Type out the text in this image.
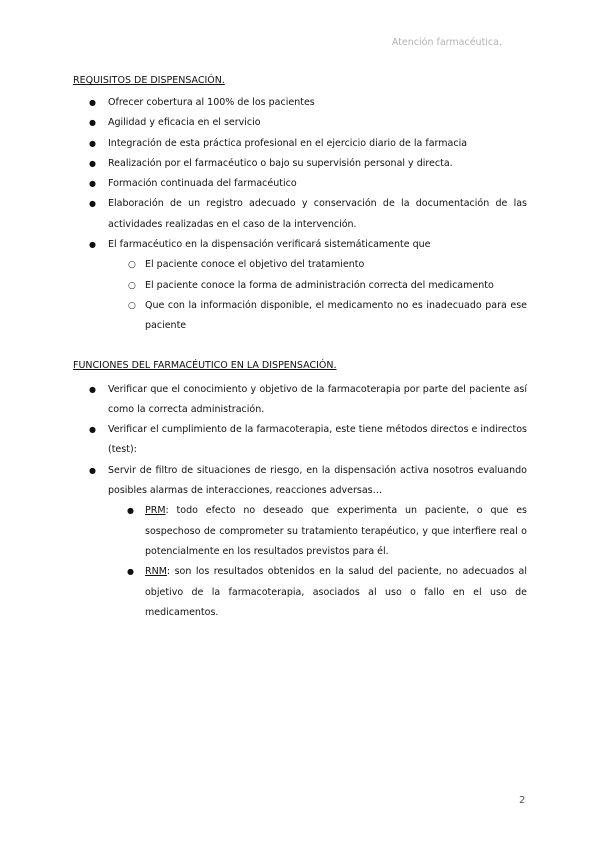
Atención farmacéutica.

REQUISITOS DE DISPENSACIÓN.

● Ofrecer cobertura al 100% de los pacientes
● Agilidad y eficacia en el servicio
● Integración de esta práctica profesional en el ejercicio diario de la farmacia
● Realización por el farmacéutico o bajo su supervisión personal y directa.
● Formación continuada del farmacéutico
● Elaboración de un registro adecuado y conservación de la documentación de las actividades realizadas en el caso de la intervención.
● El farmacéutico en la dispensación verificará sistemáticamente que
○ El paciente conoce el objetivo del tratamiento
○ El paciente conoce la forma de administración correcta del medicamento
○ Que con la información disponible, el medicamento no es inadecuado para ese paciente

FUNCIONES DEL FARMACÉUTICO EN LA DISPENSACIÓN.

● Verificar que el conocimiento y objetivo de la farmacoterapia por parte del paciente así como la correcta administración.
● Verificar el cumplimiento de la farmacoterapia, este tiene métodos directos e indirectos (test):
● Servir de filtro de situaciones de riesgo, en la dispensación activa nosotros evaluando posibles alarmas de interacciones, reacciones adversas…
● PRM: todo efecto no deseado que experimenta un paciente, o que es sospechoso de comprometer su tratamiento terapéutico, y que interfiere real o potencialmente en los resultados previstos para él.
● RNM: son los resultados obtenidos en la salud del paciente, no adecuados al objetivo de la farmacoterapia, asociados al uso o fallo en el uso de medicamentos.
2
